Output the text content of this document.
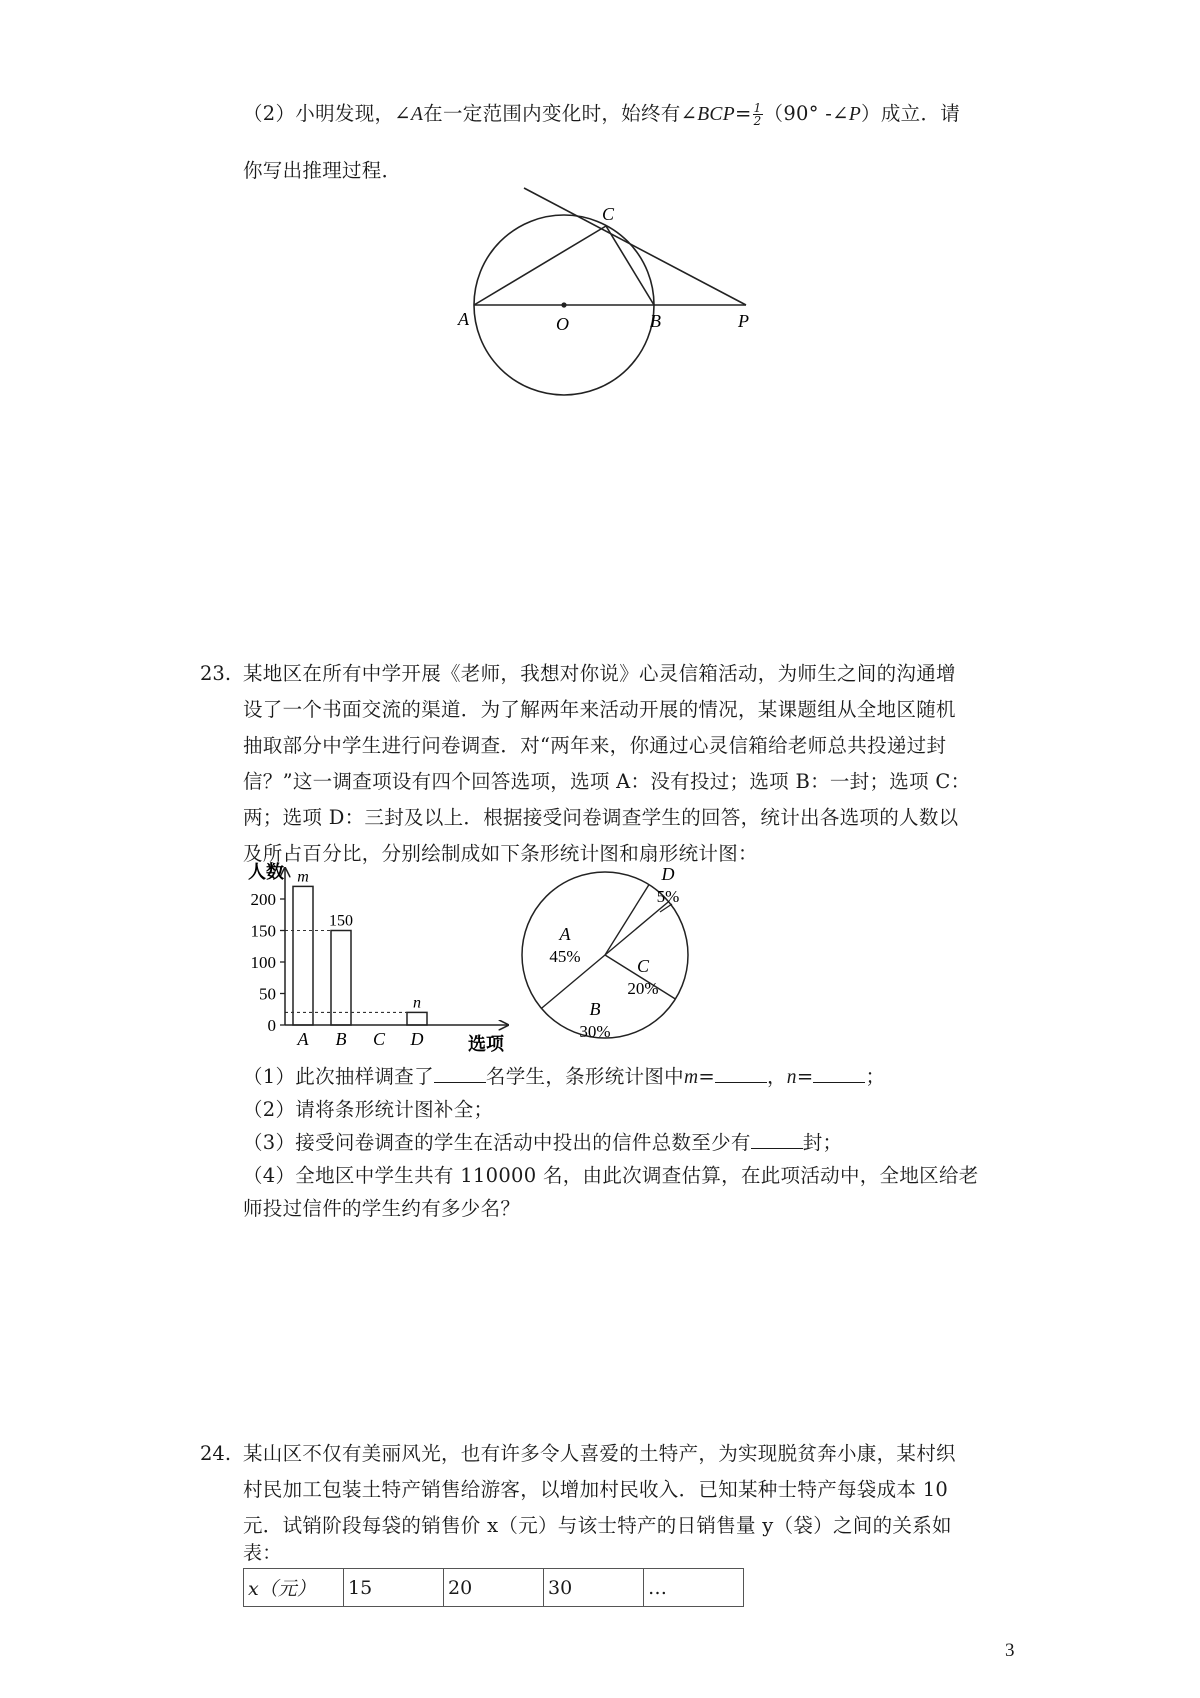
（2）小明发现，∠A在一定范围内变化时，始终有∠BCP= $\frac{1}{2} (90^\circ$ -∠P）成立．请
你写出推理过程．
A	O	B	P
C
23. 某地区在所有中学开展《老师，我想对你说》心灵信箱活动，为师生之间的沟通增
设了一个书面交流的渠道．为了解两年来活动开展的情况，某课题组从全地区随机
抽取部分中学生进行问卷调查．对“两年来，你通过心灵信箱给老师总共投递过封
信？”这一调查项设有四个回答选项，选项 A：没有投过；选项 B：一封；选项 C：
两；选项 D：三封及以上．根据接受问卷调查学生的回答，统计出各选项的人数以
及所占百分比，分别绘制成如下条形统计图和扇形统计图：
0
50
100
150
200
m
A
150
B C
n
D
人数
选项
A
45%
B
30%
C
20%
D
5%
（1）此次抽样调查了	名学生，条形统计图中m=	，n=	；
（2）请将条形统计图补全；
（3）接受问卷调查的学生在活动中投出的信件总数至少有	封；
（4）全地区中学生共有 110000 名，由此次调查估算，在此项活动中，全地区给老
师投过信件的学生约有多少名？
24. 某山区不仅有美丽风光，也有许多令人喜爱的土特产，为实现脱贫奔小康，某村织
村民加工包装土特产销售给游客，以增加村民收入．已知某种士特产每袋成本 10
元．试销阶段每袋的销售价 x（元）与该士特产的日销售量 y（袋）之间的关系如
表：
x（元）	15	20	30	…
3
